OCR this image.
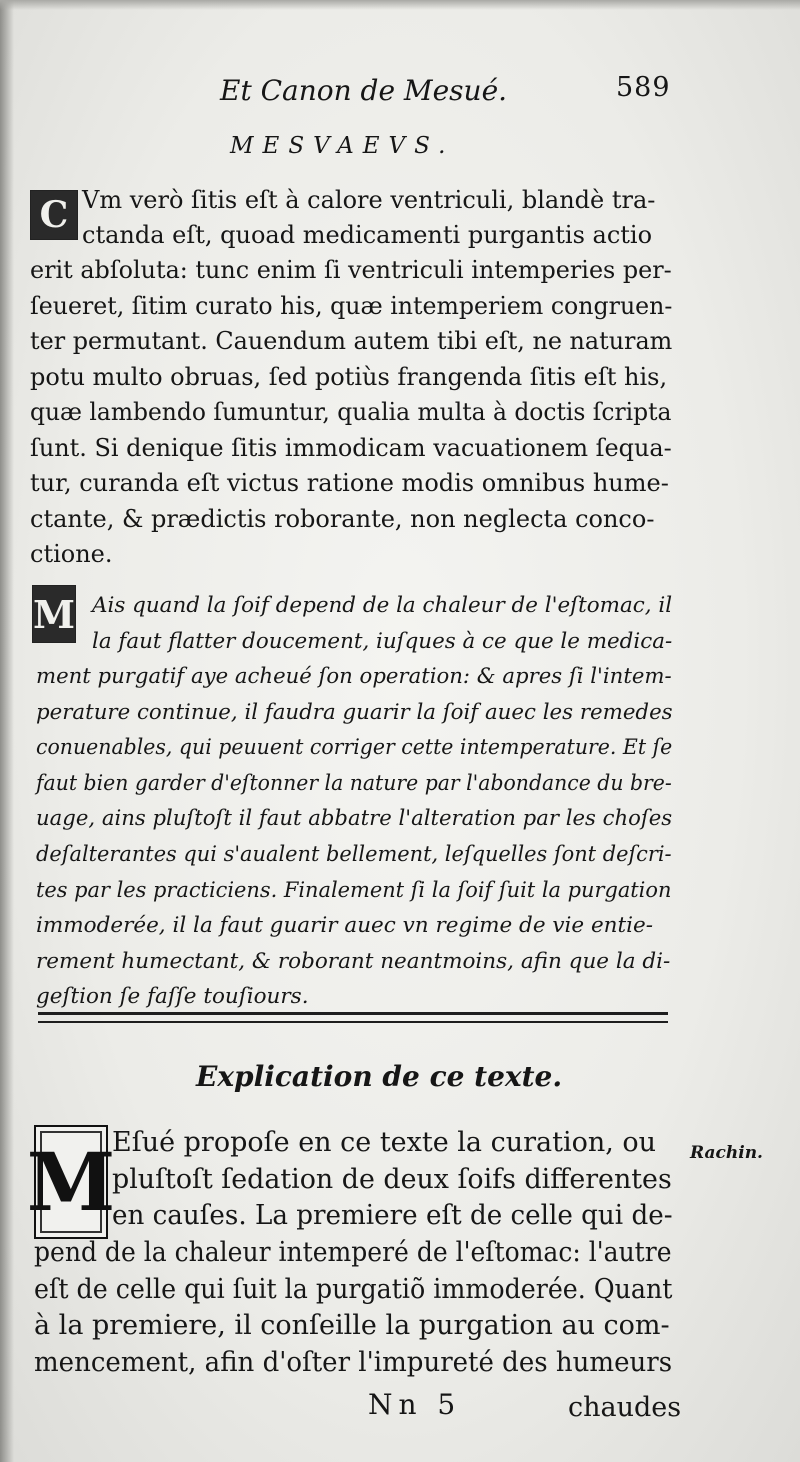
Et Canon de Mesué.	589
MESVAEVS.
C Vm verò ſitis eſt à calore ventriculi, blandè tra-
ctanda eſt, quoad medicamenti purgantis actio
erit abſoluta: tunc enim ſi ventriculi intemperies per-
ſeueret, ſitim curato his, quæ intemperiem congruen-
ter permutant. Cauendum autem tibi eſt, ne naturam
potu multo obruas, ſed potiùs frangenda ſitis eſt his,
quæ lambendo ſumuntur, qualia multa à doctis ſcripta
ſunt. Si denique ſitis immodicam vacuationem ſequa-
tur, curanda eſt victus ratione modis omnibus hume-
ctante, & prædictis roborante, non neglecta conco-
ctione.
M Ais quand la ſoif depend de la chaleur de l'eſtomac, il
la faut flatter doucement, iuſques à ce que le medica-
ment purgatif aye acheué ſon operation: & apres ſi l'intem-
perature continue, il faudra guarir la ſoif auec les remedes
conuenables, qui peuuent corriger cette intemperature. Et ſe
faut bien garder d'eſtonner la nature par l'abondance du bre-
uage, ains pluſtoſt il faut abbatre l'alteration par les choſes
deſalterantes qui s'aualent bellement, leſquelles ſont deſcri-
tes par les practiciens. Finalement ſi la ſoif ſuit la purgation
immoderée, il la faut guarir auec vn regime de vie entie-
rement humectant, & roborant neantmoins, afin que la di-
geſtion ſe faſſe touſiours.
Explication de ce texte.
M
Eſué propoſe en ce texte la curation, ou
pluſtoſt ſedation de deux ſoifs differentes
en cauſes. La premiere eſt de celle qui de-
pend de la chaleur intemperé de l'eſtomac: l'autre
eſt de celle qui ſuit la purgatiõ immoderée. Quant
à la premiere, il conſeille la purgation au com-
mencement, afin d'oſter l'impureté des humeurs
Rachin.
Nn 5	chaudes
